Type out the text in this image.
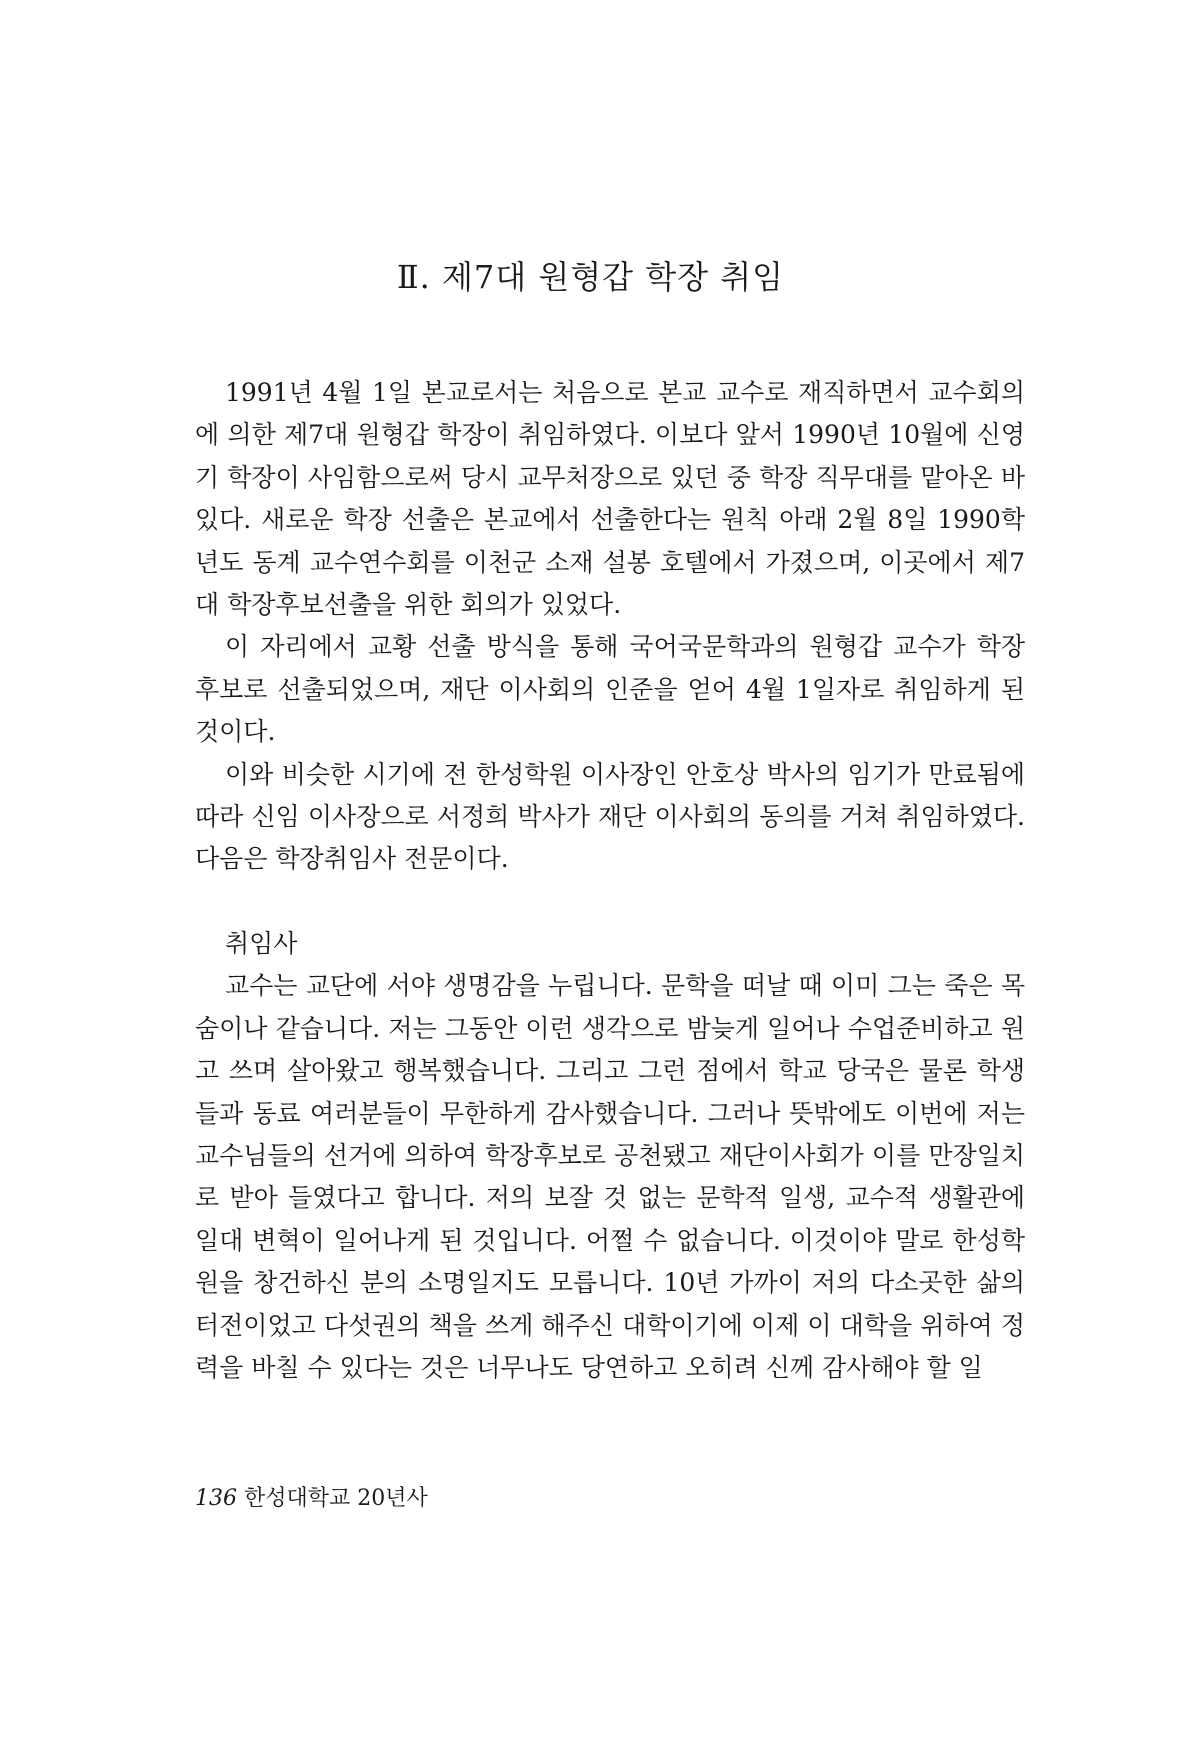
Ⅱ. 제7대 원형갑 학장 취임

1991년 4월 1일 본교로서는 처음으로 본교 교수로 재직하면서 교수회의에 의한 제7대 원형갑 학장이 취임하였다. 이보다 앞서 1990년 10월에 신영기 학장이 사임함으로써 당시 교무처장으로 있던 중 학장 직무대를 맡아온 바 있다. 새로운 학장 선출은 본교에서 선출한다는 원칙 아래 2월 8일 1990학년도 동계 교수연수회를 이천군 소재 설봉 호텔에서 가졌으며, 이곳에서 제7대 학장후보선출을 위한 회의가 있었다.

이 자리에서 교황 선출 방식을 통해 국어국문학과의 원형갑 교수가 학장 후보로 선출되었으며, 재단 이사회의 인준을 얻어 4월 1일자로 취임하게 된 것이다.

이와 비슷한 시기에 전 한성학원 이사장인 안호상 박사의 임기가 만료됨에 따라 신임 이사장으로 서정희 박사가 재단 이사회의 동의를 거쳐 취임하였다. 다음은 학장취임사 전문이다.

취임사

교수는 교단에 서야 생명감을 누립니다. 문학을 떠날 때 이미 그는 죽은 목숨이나 같습니다. 저는 그동안 이런 생각으로 밤늦게 일어나 수업준비하고 원고 쓰며 살아왔고 행복했습니다. 그리고 그런 점에서 학교 당국은 물론 학생들과 동료 여러분들이 무한하게 감사했습니다. 그러나 뜻밖에도 이번에 저는 교수님들의 선거에 의하여 학장후보로 공천됐고 재단이사회가 이를 만장일치로 받아 들였다고 합니다. 저의 보잘 것 없는 문학적 일생, 교수적 생활관에 일대 변혁이 일어나게 된 것입니다. 어쩔 수 없습니다. 이것이야 말로 한성학원을 창건하신 분의 소명일지도 모릅니다. 10년 가까이 저의 다소곳한 삶의 터전이었고 다섯권의 책을 쓰게 해주신 대학이기에 이제 이 대학을 위하여 정력을 바칠 수 있다는 것은 너무나도 당연하고 오히려 신께 감사해야 할 일

136 한성대학교 20년사
